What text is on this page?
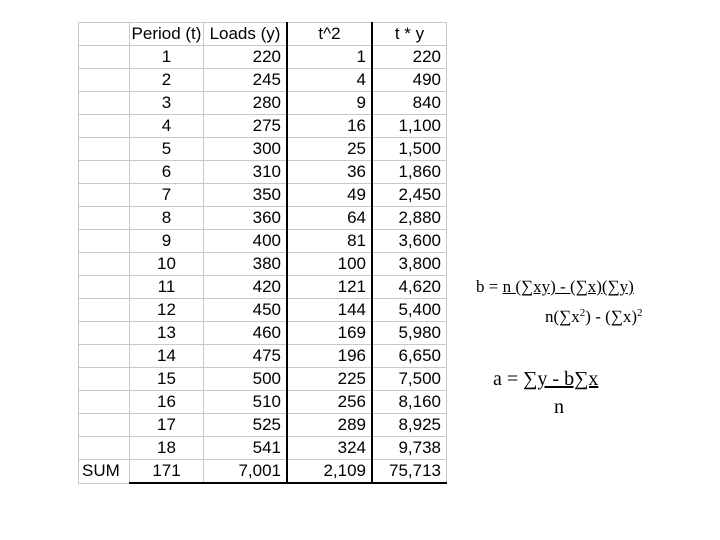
	Period (t)	Loads (y)	t^2	t * y
	1	220	1	220
	2	245	4	490
	3	280	9	840
	4	275	16	1,100
	5	300	25	1,500
	6	310	36	1,860
	7	350	49	2,450
	8	360	64	2,880
	9	400	81	3,600
	10	380	100	3,800
	11	420	121	4,620
	12	450	144	5,400
	13	460	169	5,980
	14	475	196	6,650
	15	500	225	7,500
	16	510	256	8,160
	17	525	289	8,925
	18	541	324	9,738
SUM	171	7,001	2,109	75,713
b = n (∑xy) - (∑x)(∑y)
$n(\sum x^2) - (\sum x)^2$
a = ∑y - b∑x
n
